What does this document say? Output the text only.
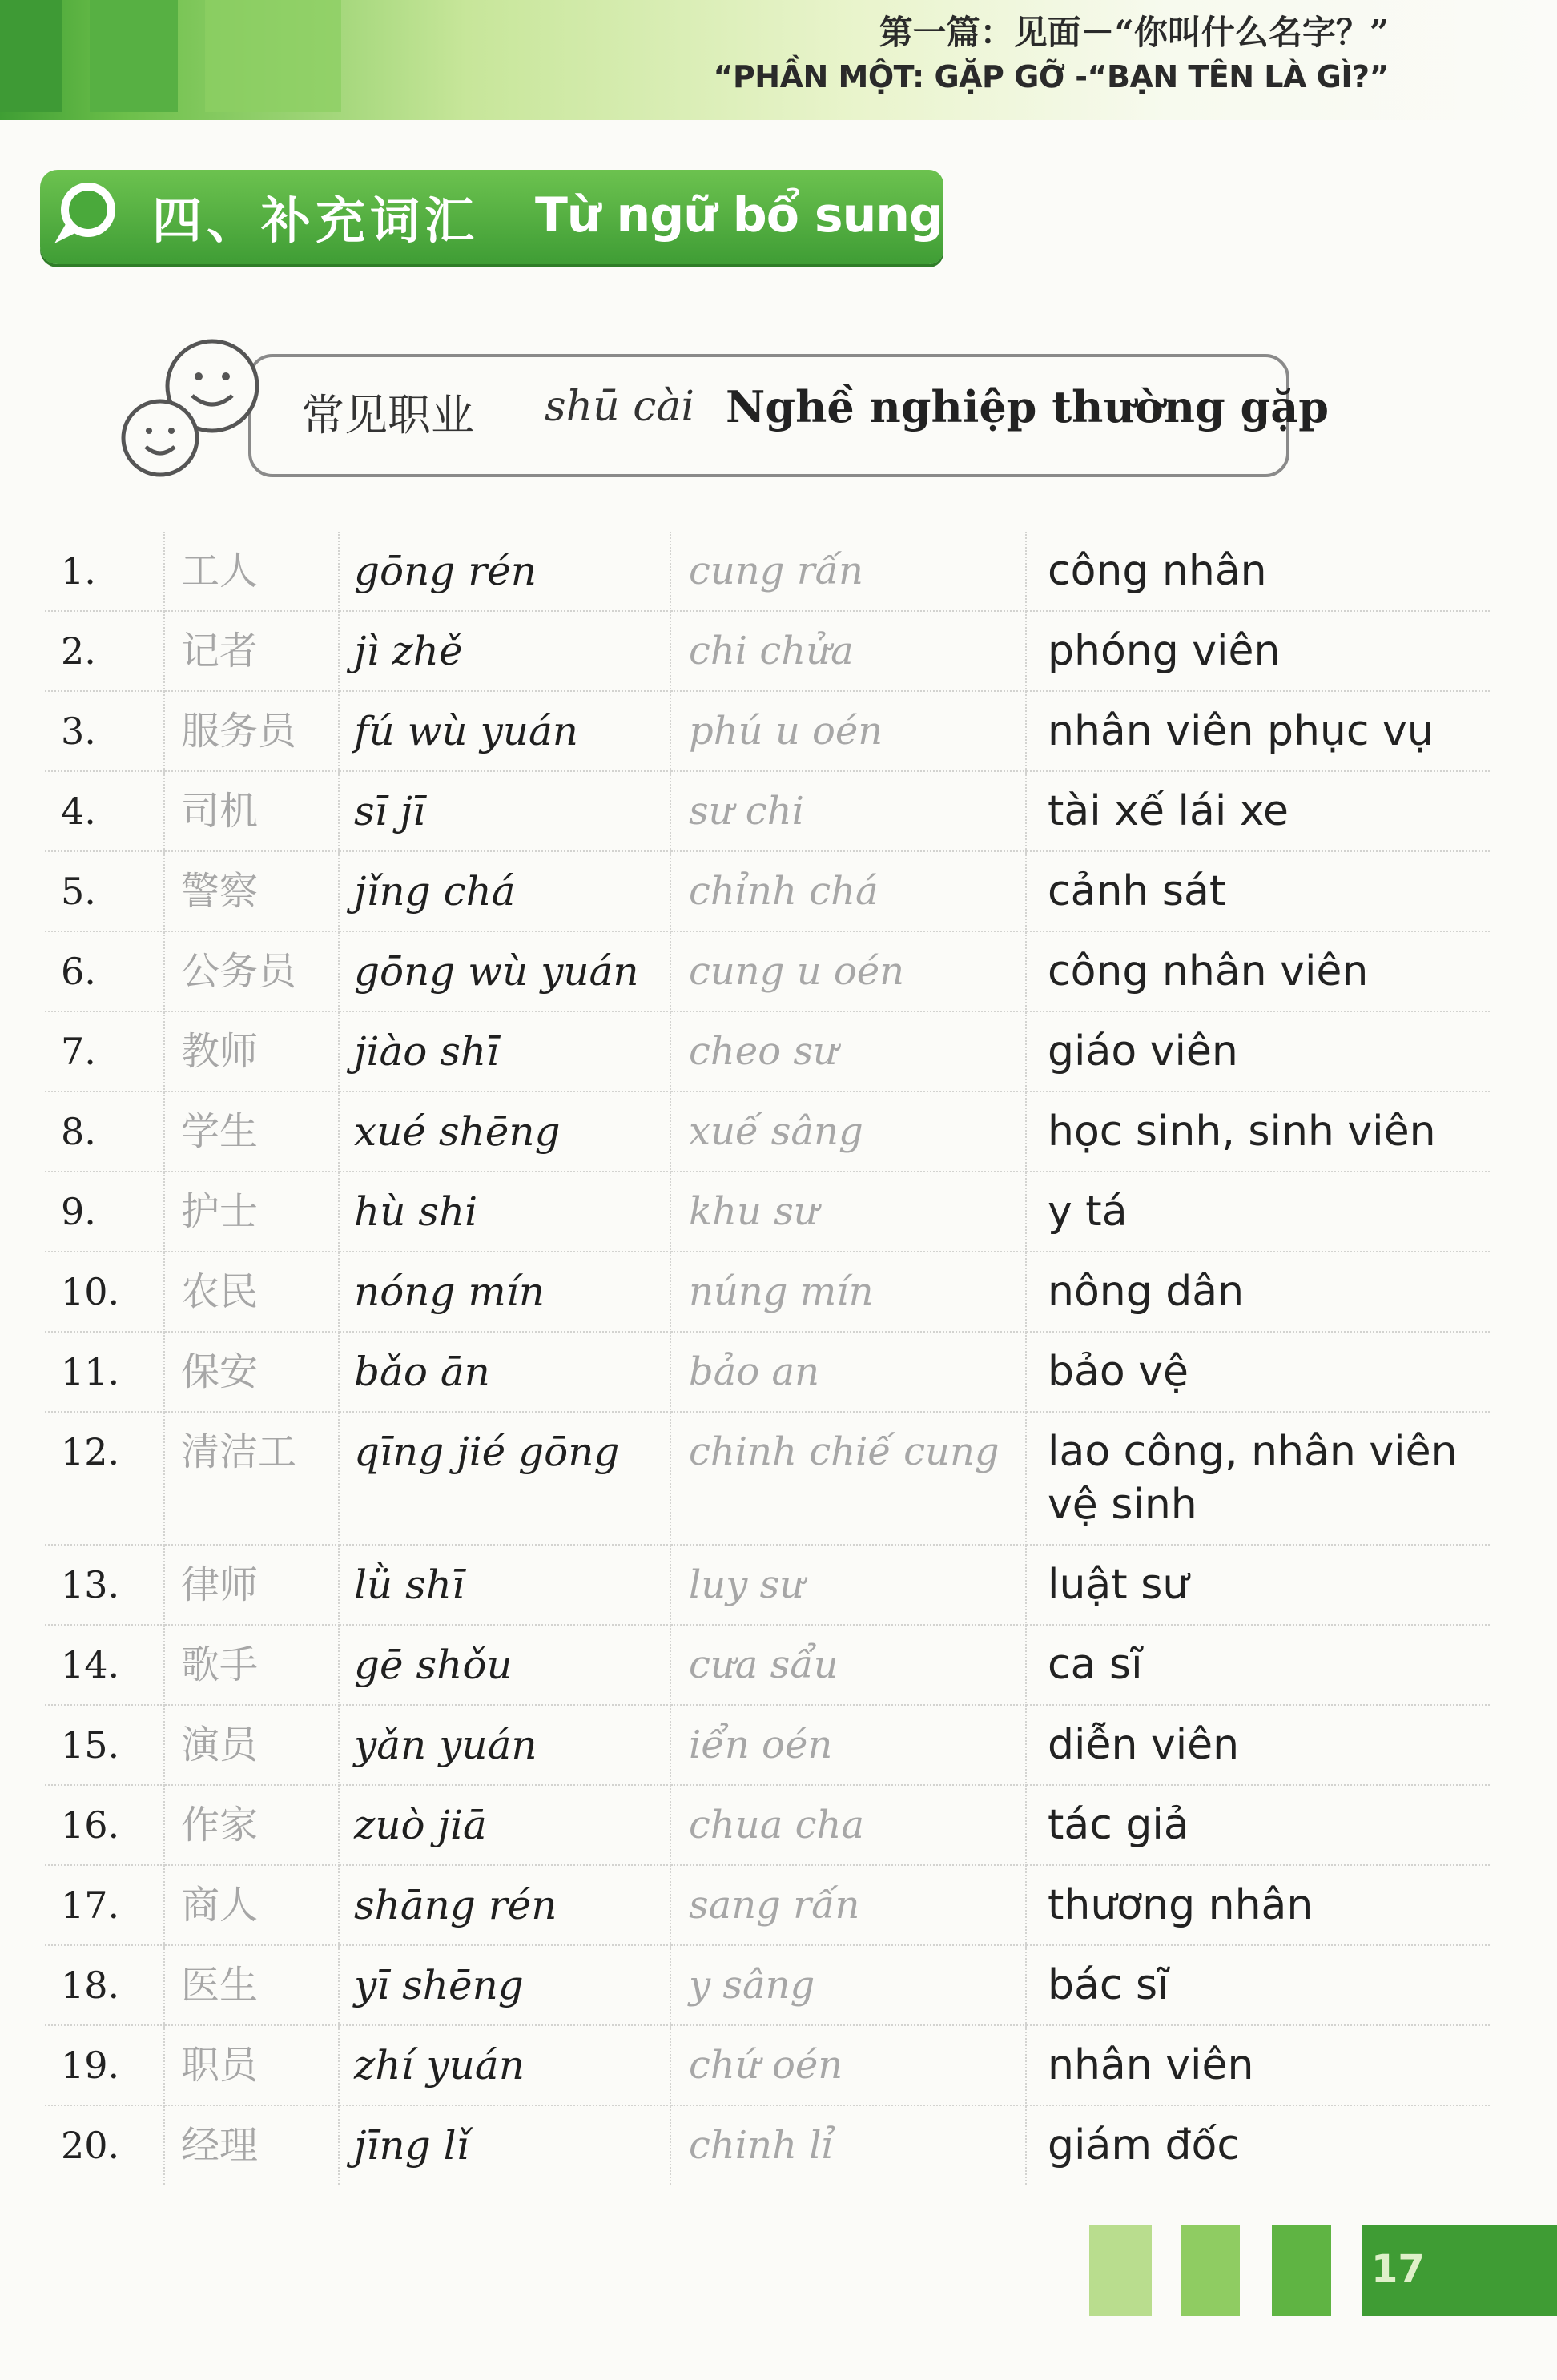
第一篇：见面－“你叫什么名字？”
“PHẦN MỘT: GẶP GỠ -“BẠN TÊN LÀ GÌ?”
四、补充词汇 Từ ngữ bổ sung
常见职业 shū cài Nghề nghiệp thường gặp
1.	工人	gōng rén	cung rấn	công nhân
2.	记者	jì zhě	chi chửa	phóng viên
3.	服务员	fú wù yuán	phú u oén	nhân viên phục vụ
4.	司机	sī jī	sư chi	tài xế lái xe
5.	警察	jǐng chá	chỉnh chá	cảnh sát
6.	公务员	gōng wù yuán	cung u oén	công nhân viên
7.	教师	jiào shī	cheo sư	giáo viên
8.	学生	xué shēng	xuế sâng	học sinh, sinh viên
9.	护士	hù shi	khu sư	y tá
10.	农民	nóng mín	núng mín	nông dân
11.	保安	bǎo ān	bảo an	bảo vệ
12.	清洁工	qīng jié gōng	chinh chiế cung	lao công, nhân viên vệ sinh
13.	律师	lǜ shī	luy sư	luật sư
14.	歌手	gē shǒu	cưa sẩu	ca sĩ
15.	演员	yǎn yuán	iển oén	diễn viên
16.	作家	zuò jiā	chua cha	tác giả
17.	商人	shāng rén	sang rấn	thương nhân
18.	医生	yī shēng	y sâng	bác sĩ
19.	职员	zhí yuán	chứ oén	nhân viên
20.	经理	jīng lǐ	chinh lỉ	giám đốc
17
